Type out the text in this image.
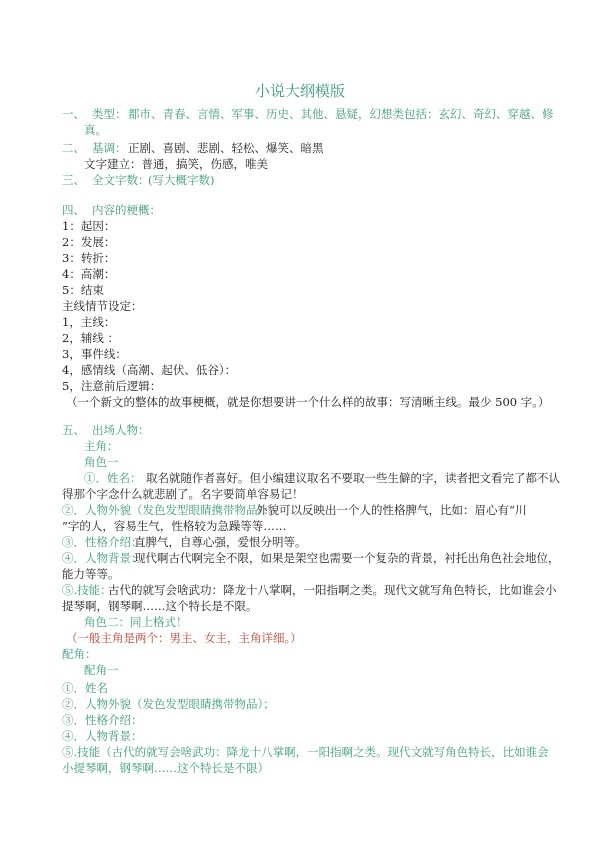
小说大纲模版
一、 类型： 都市、青春、言情、军事、历史、其他、悬疑，幻想类包括：玄幻、奇幻、穿越、修
真。
二、 基调： 正剧、喜剧、悲剧、轻松、爆笑、暗黑
文字建立：普通，搞笑，伤感，唯美
三、 全文字数：
(写大概字数)
四、 内容的梗概：
1：起因：
2：发展：
3：转折：
4：高潮：
5：结束
主线情节设定：
1，主线：
2，辅线 ：
3，事件线：
4，感情线（高潮、起伏、低谷）：
5，注意前后逻辑：
（一个新文的整体的故事梗概，就是你想要讲一个什么样的故事：写清晰主线。最少 500 字。）
五、 出场人物：
主角：
角色一
①．姓名： 取名就随作者喜好。但小编建议取名不要取一些生僻的字，读者把文看完了都不认
得那个字念什么就悲剧了。名字要简单容易记！
②．人物外貌（发色发型眼睛携带物品）：
外貌可以反映出一个人的性格脾气，比如：眉心有“川
”字的人，容易生气，性格较为急躁等等……
③．性格介绍：
直脾气，自尊心强，爱恨分明等。
④．人物背景：
现代啊古代啊完全不限，如果是架空也需要一个复杂的背景，衬托出角色社会地位，
能力等等。
⑤.技能：
古代的就写会啥武功：降龙十八掌啊，一阳指啊之类。现代文就写角色特长，比如谁会小
提琴啊，钢琴啊……这个特长是不限。
角色二：同上格式！
（一般主角是两个：男主、女主，主角详细。）
配角：
配角一
①．姓名
②．人物外貌（发色发型眼睛携带物品）；
③．性格介绍：
④．人物背景：
⑤.技能（古代的就写会啥武功：降龙十八掌啊，一阳指啊之类。现代文就写角色特长，比如谁会
小提琴啊，钢琴啊……这个特长是不限）
